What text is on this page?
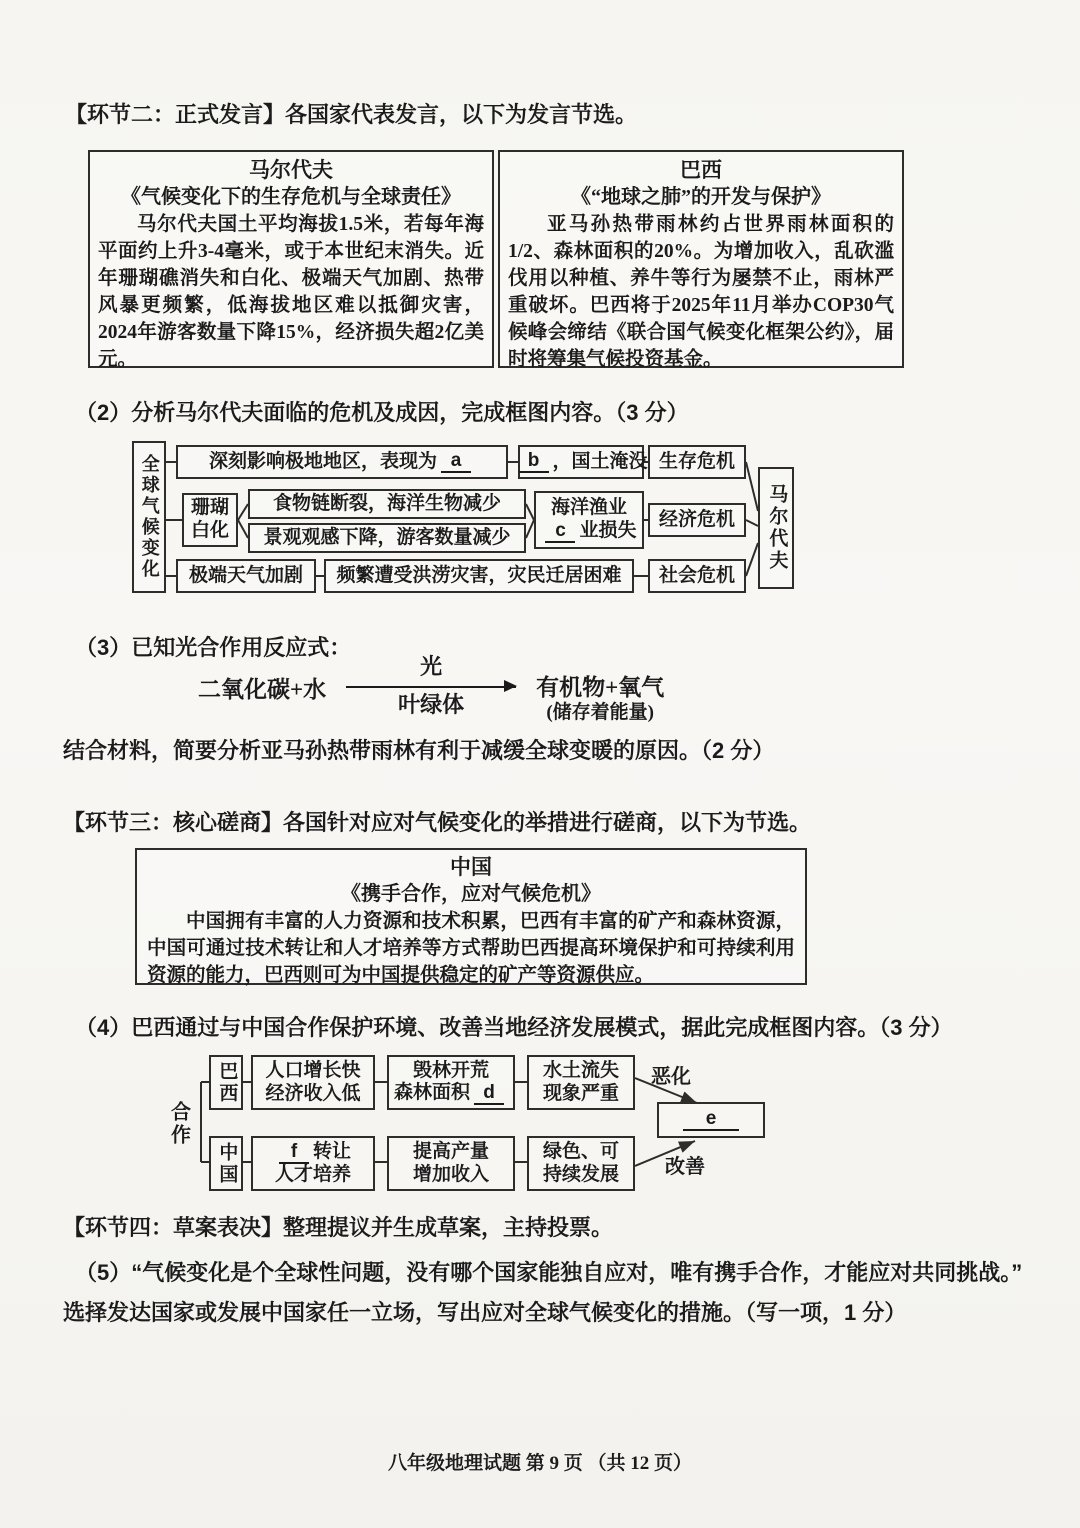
【环节二：正式发言】各国家代表发言，以下为发言节选。
马尔代夫
《气候变化下的生存危机与全球责任》
马尔代夫国土平均海拔1.5米，若每年海平面约上升3-4毫米，或于本世纪末消失。近年珊瑚礁消失和白化、极端天气加剧、热带风暴更频繁，低海拔地区难以抵御灾害，2024年游客数量下降15%，经济损失超2亿美元。
巴西
《“地球之肺”的开发与保护》
亚马孙热带雨林约占世界雨林面积的1/2、森林面积的20%。为增加收入，乱砍滥伐用以种植、养牛等行为屡禁不止，雨林严重破坏。巴西将于2025年11月举办COP30气候峰会缔结《联合国气候变化框架公约》，届时将筹集气候投资基金。
（2）分析马尔代夫面临的危机及成因，完成框图内容。（3 分）
全球气候变化	深刻影响极地地区，表现为 a	b ，国土淹没 生存危机
珊瑚
白化
食物链断裂，海洋生物减少
景观观感下降，游客数量减少
海洋渔业
c 业损失
经济危机
极端天气加剧	频繁遭受洪涝灾害，灾民迁居困难	社会危机
马尔代夫
（3）已知光合作用反应式：
二氧化碳+水
光
叶绿体
有机物+氧气
(储存着能量)
结合材料，简要分析亚马孙热带雨林有利于减缓全球变暖的原因。（2 分）
【环节三：核心磋商】各国针对应对气候变化的举措进行磋商，以下为节选。
中国
《携手合作，应对气候危机》
中国拥有丰富的人力资源和技术积累，巴西有丰富的矿产和森林资源，中国可通过技术转让和人才培养等方式帮助巴西提高环境保护和可持续利用资源的能力，巴西则可为中国提供稳定的矿产等资源供应。
（4）巴西通过与中国合作保护环境、改善当地经济发展模式，据此完成框图内容。（3 分）
合作
巴西 人口增长快
经济收入低
毁林开荒
森林面积 d
水土流失
现象严重
恶化
e
中国	f 转让
人才培养
提高产量
增加收入
绿色、可
持续发展 改善
【环节四：草案表决】整理提议并生成草案，主持投票。
（5）“气候变化是个全球性问题，没有哪个国家能独自应对，唯有携手合作，才能应对共同挑战。”
选择发达国家或发展中国家任一立场，写出应对全球气候变化的措施。（写一项，1 分）
八年级地理试题 第 9 页 （共 12 页）
